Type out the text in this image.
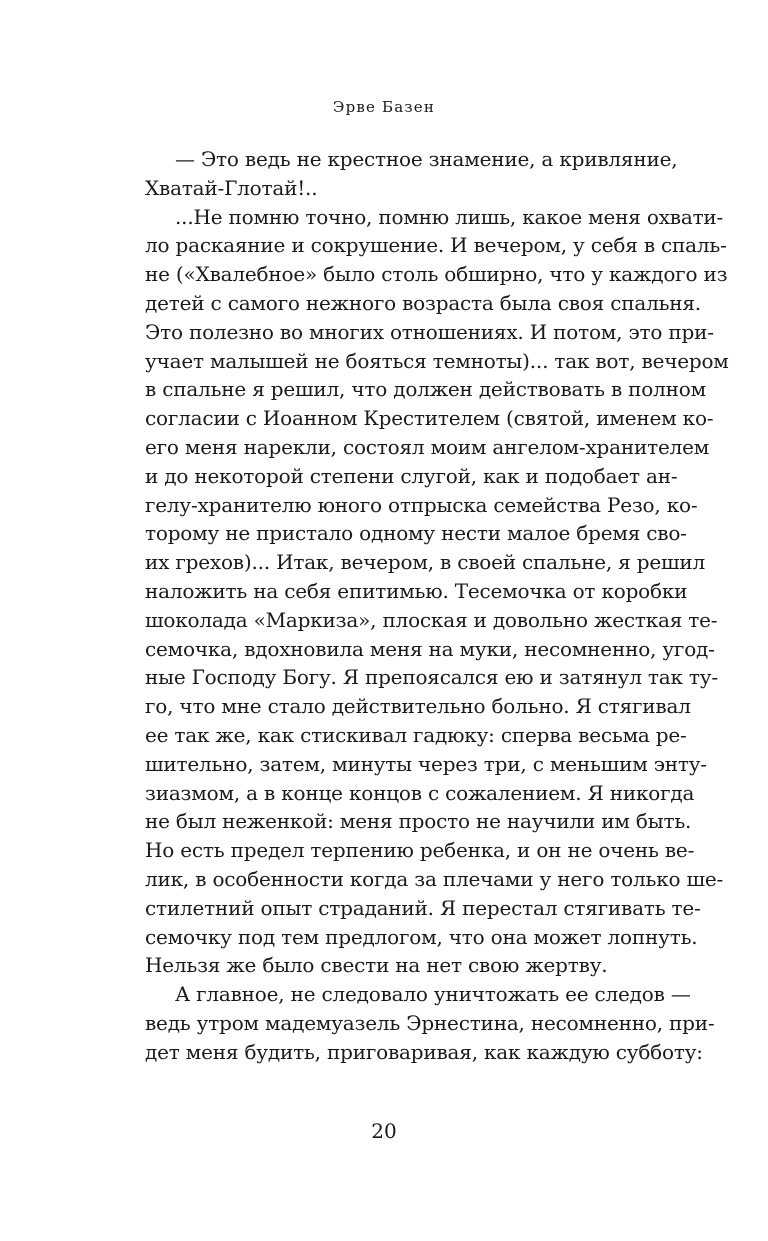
Эрве Базен
— Это ведь не крестное знамение, а кривляние,
Хватай-Глотай!..
...Не помню точно, помню лишь, какое меня охвати-
ло раскаяние и сокрушение. И вечером, у себя в спаль-
не («Хвалебное» было столь обширно, что у каждого из
детей с самого нежного возраста была своя спальня.
Это полезно во многих отношениях. И потом, это при-
учает малышей не бояться темноты)... так вот, вечером
в спальне я решил, что должен действовать в полном
согласии с Иоанном Крестителем (святой, именем ко-
его меня нарекли, состоял моим ангелом-хранителем
и до некоторой степени слугой, как и подобает ан-
гелу-хранителю юного отпрыска семейства Резо, ко-
торому не пристало одному нести малое бремя сво-
их грехов)... Итак, вечером, в своей спальне, я решил
наложить на себя епитимью. Тесемочка от коробки
шоколада «Маркиза», плоская и довольно жесткая те-
семочка, вдохновила меня на муки, несомненно, угод-
ные Господу Богу. Я препоясался ею и затянул так ту-
го, что мне стало действительно больно. Я стягивал
ее так же, как стискивал гадюку: сперва весьма ре-
шительно, затем, минуты через три, с меньшим энту-
зиазмом, а в конце концов с сожалением. Я никогда
не был неженкой: меня просто не научили им быть.
Но есть предел терпению ребенка, и он не очень ве-
лик, в особенности когда за плечами у него только ше-
стилетний опыт страданий. Я перестал стягивать те-
семочку под тем предлогом, что она может лопнуть.
Нельзя же было свести на нет свою жертву.
А главное, не следовало уничтожать ее следов —
ведь утром мадемуазель Эрнестина, несомненно, при-
дет меня будить, приговаривая, как каждую субботу:
20
